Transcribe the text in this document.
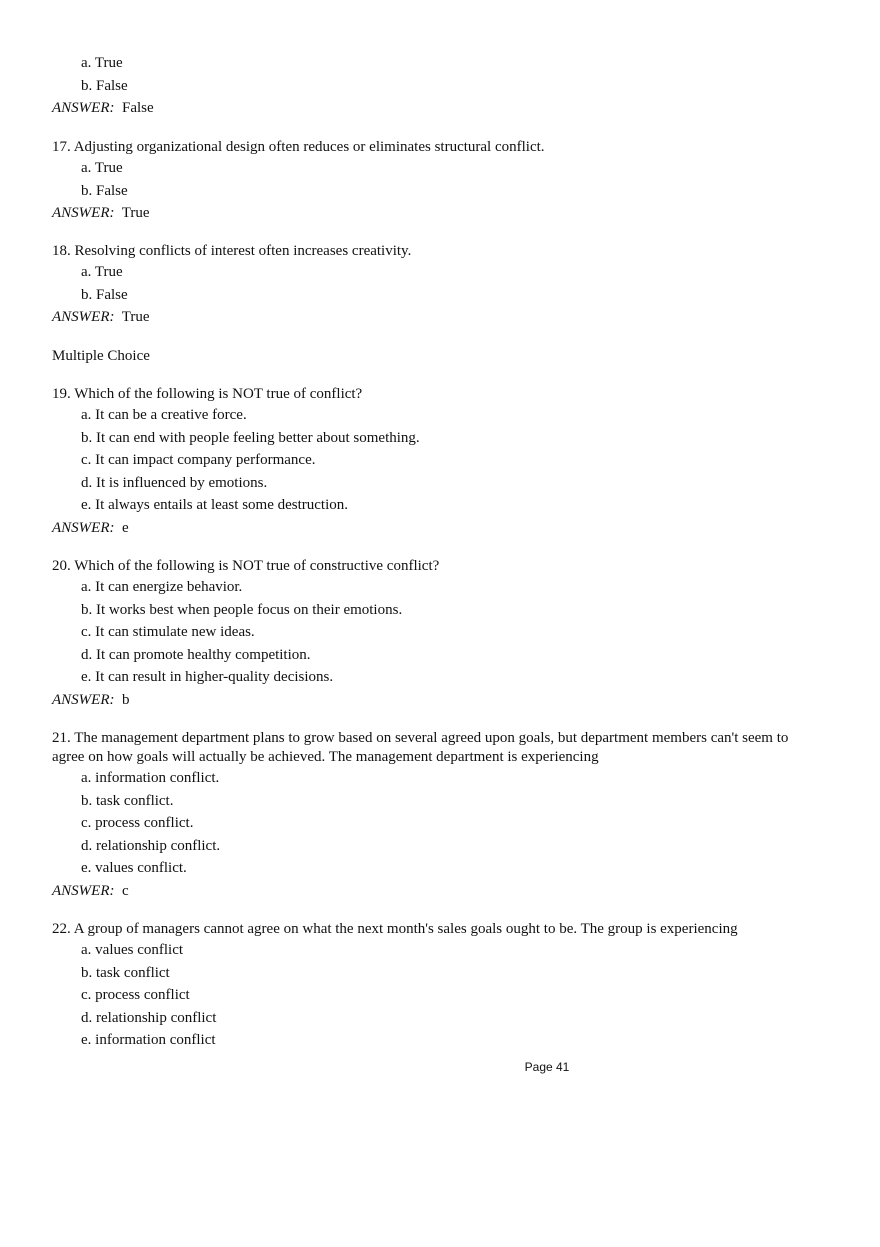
a. True
b. False
ANSWER: False

17. Adjusting organizational design often reduces or eliminates structural conflict.

a. True
b. False
ANSWER: True

18. Resolving conflicts of interest often increases creativity.

a. True
b. False
ANSWER: True
Multiple Choice

19. Which of the following is NOT true of conflict?

a. It can be a creative force.
b. It can end with people feeling better about something.
c. It can impact company performance.
d. It is influenced by emotions.
e. It always entails at least some destruction.
ANSWER: e

20. Which of the following is NOT true of constructive conflict?

a. It can energize behavior.
b. It works best when people focus on their emotions.
c. It can stimulate new ideas.
d. It can promote healthy competition.
e. It can result in higher-quality decisions.
ANSWER: b

21. The management department plans to grow based on several agreed upon goals, but department members can't seem to agree on how goals will actually be achieved. The management department is experiencing

a. information conflict.
b. task conflict.
c. process conflict.
d. relationship conflict.
e. values conflict.
ANSWER: c

22. A group of managers cannot agree on what the next month's sales goals ought to be. The group is experiencing

a. values conflict
b. task conflict
c. process conflict
d. relationship conflict
e. information conflict
Page 41
